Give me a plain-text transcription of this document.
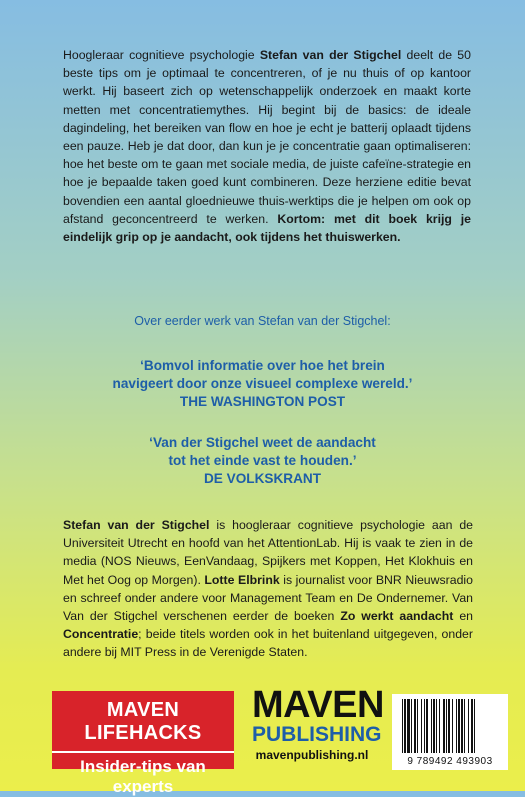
Hoogleraar cognitieve psychologie Stefan van der Stigchel deelt de 50 beste tips om je optimaal te concentreren, of je nu thuis of op kantoor werkt. Hij baseert zich op wetenschappelijk onderzoek en maakt korte metten met concentratiemythes. Hij begint bij de basics: de ideale dagindeling, het bereiken van flow en hoe je echt je batterij oplaadt tijdens een pauze. Heb je dat door, dan kun je je concentratie gaan optimaliseren: hoe het beste om te gaan met sociale media, de juiste cafeïne-strategie en hoe je bepaalde taken goed kunt combineren. Deze herziene editie bevat bovendien een aantal gloednieuwe thuis-werktips die je helpen om ook op afstand geconcentreerd te werken. Kortom: met dit boek krijg je eindelijk grip op je aandacht, ook tijdens het thuiswerken.

Over eerder werk van Stefan van der Stigchel:
‘Bomvol informatie over hoe het brein
navigeert door onze visueel complexe wereld.’
THE WASHINGTON POST
‘Van der Stigchel weet de aandacht
tot het einde vast te houden.’
DE VOLKSKRANT

Stefan van der Stigchel is hoogleraar cognitieve psychologie aan de Universiteit Utrecht en hoofd van het AttentionLab. Hij is vaak te zien in de media (NOS Nieuws, EenVandaag, Spijkers met Koppen, Het Klokhuis en Met het Oog op Morgen). Lotte Elbrink is journalist voor BNR Nieuwsradio en schreef onder andere voor Management Team en De Ondernemer. Van Van der Stigchel verschenen eerder de boeken Zo werkt aandacht en Concentratie; beide titels worden ook in het buitenland uitgegeven, onder andere bij MIT Press in de Verenigde Staten.

MAVEN LIFEHACKS
Insider-tips van experts
MAVEN
PUBLISHING
mavenpublishing.nl	9 789492 493903
